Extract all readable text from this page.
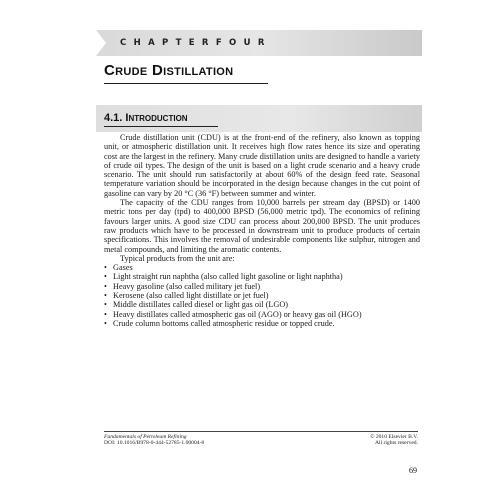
C H A P T E R F O U R
Crude Distillation
4.1. Introduction

Crude distillation unit (CDU) is at the front-end of the refinery, also known as topping unit, or atmospheric distillation unit. It receives high flow rates hence its size and operating cost are the largest in the refinery. Many crude distillation units are designed to handle a variety of crude oil types. The design of the unit is based on a light crude scenario and a heavy crude scenario. The unit should run satisfactorily at about 60% of the design feed rate. Seasonal temperature variation should be incorporated in the design because changes in the cut point of gasoline can vary by 20 °C (36 °F) between summer and winter.

The capacity of the CDU ranges from 10,000 barrels per stream day (BPSD) or 1400 metric tons per day (tpd) to 400,000 BPSD (56,000 metric tpd). The economics of refining favours larger units. A good size CDU can process about 200,000 BPSD. The unit produces raw products which have to be processed in downstream unit to produce products of certain specifications. This involves the removal of undesirable components like sulphur, nitrogen and metal compounds, and limiting the aromatic contents.

Typical products from the unit are:

• Gases
• Light straight run naphtha (also called light gasoline or light naphtha)
• Heavy gasoline (also called military jet fuel)
• Kerosene (also called light distillate or jet fuel)
• Middle distillates called diesel or light gas oil (LGO)
• Heavy distillates called atmospheric gas oil (AGO) or heavy gas oil (HGO)
• Crude column bottoms called atmospheric residue or topped crude.
Fundamentals of Petroleum Refining
DOI: 10.1016/B978-0-444-52785-1.00004-8
© 2010 Elsevier B.V.
All rights reserved.
69
